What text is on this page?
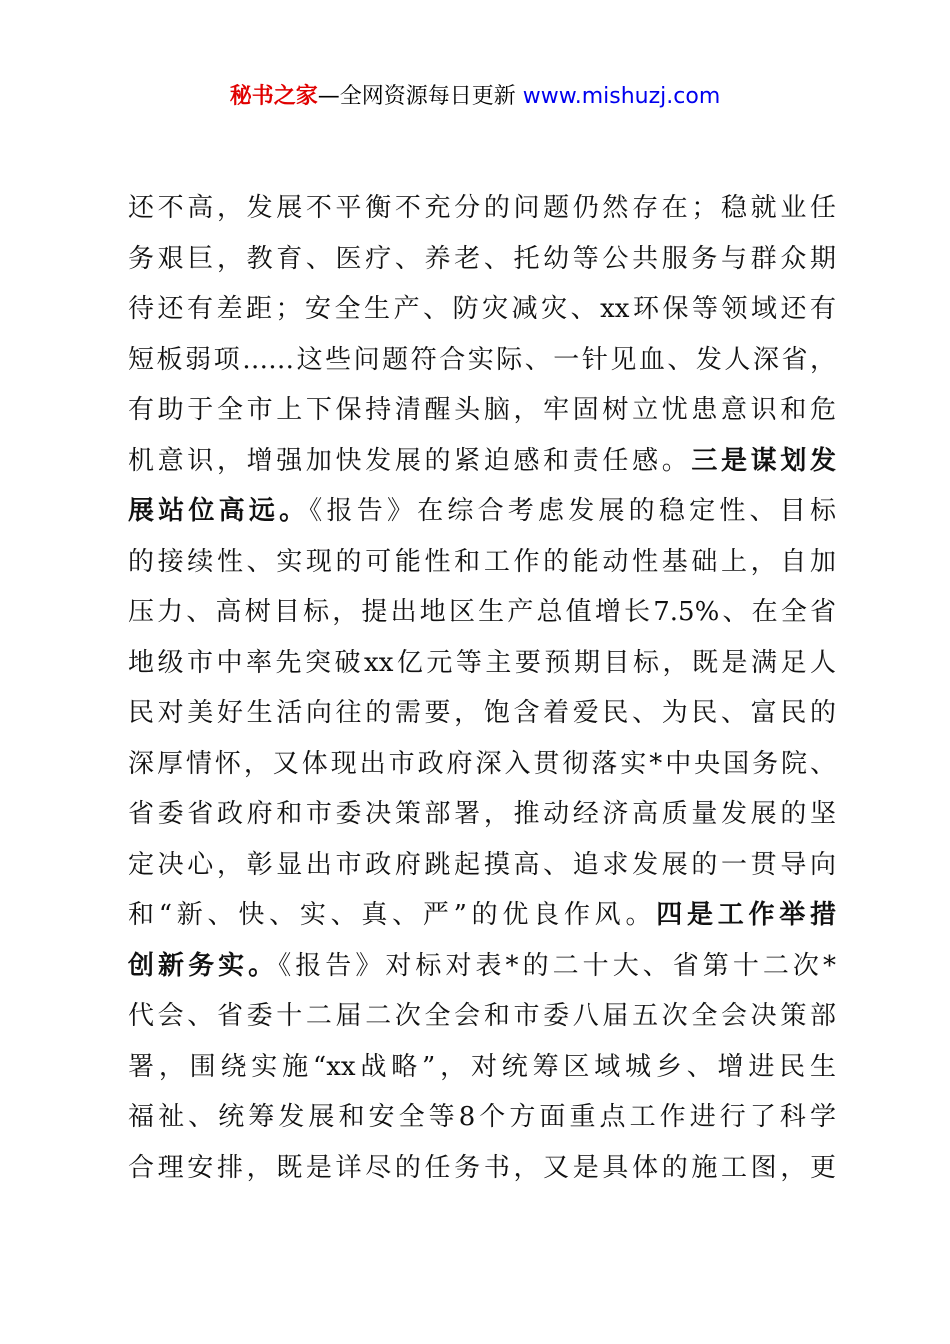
秘书之家—全网资源每日更新 www.mishuzj.com
还不高，发展不平衡不充分的问题仍然存在；稳就业任
务艰巨，教育、医疗、养老、托幼等公共服务与群众期
待还有差距；安全生产、防灾减灾、xx环保等领域还有
短板弱项……这些问题符合实际、一针见血、发人深省，
有助于全市上下保持清醒头脑，牢固树立忧患意识和危
机意识，增强加快发展的紧迫感和责任感。三是谋划发
展站位高远。《报告》在综合考虑发展的稳定性、目标
的接续性、实现的可能性和工作的能动性基础上，自加
压力、高树目标，提出地区生产总值增长7.5%、在全省
地级市中率先突破xx亿元等主要预期目标，既是满足人
民对美好生活向往的需要，饱含着爱民、为民、富民的
深厚情怀，又体现出市政府深入贯彻落实*中央国务院、
省委省政府和市委决策部署，推动经济高质量发展的坚
定决心，彰显出市政府跳起摸高、追求发展的一贯导向
和“新、快、实、真、严”的优良作风。四是工作举措
创新务实。《报告》对标对表*的二十大、省第十二次*
代会、省委十二届二次全会和市委八届五次全会决策部
署，围绕实施“xx战略”，对统筹区域城乡、增进民生
福祉、统筹发展和安全等8个方面重点工作进行了科学
合理安排，既是详尽的任务书，又是具体的施工图，更
